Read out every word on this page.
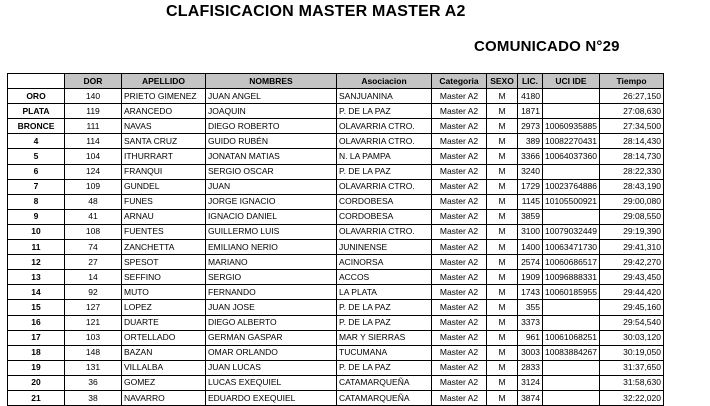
CLAFISICACION MASTER MASTER A2
COMUNICADO N°29
	DOR	APELLIDO	NOMBRES	Asociacion	Categoria	SEXO	LIC.	UCI IDE	Tiempo
ORO	140	PRIETO GIMENEZ	JUAN ANGEL	SANJUANINA	Master A2	M	4180		26:27,150
PLATA	119	ARANCEDO	JOAQUIN	P. DE LA PAZ	Master A2	M	1871		27:08,630
BRONCE	111	NAVAS	DIEGO ROBERTO	OLAVARRIA CTRO.	Master A2	M	2973	10060935885	27:34,500
4	114	SANTA CRUZ	GUIDO RUBÉN	OLAVARRIA CTRO.	Master A2	M	389	10082270431	28:14,430
5	104	ITHURRART	JONATAN MATIAS	N. LA PAMPA	Master A2	M	3366	10064037360	28:14,730
6	124	FRANQUI	SERGIO OSCAR	P. DE LA PAZ	Master A2	M	3240		28:22,330
7	109	GUNDEL	JUAN	OLAVARRIA CTRO.	Master A2	M	1729	10023764886	28:43,190
8	48	FUNES	JORGE IGNACIO	CORDOBESA	Master A2	M	1145	10105500921	29:00,080
9	41	ARNAU	IGNACIO DANIEL	CORDOBESA	Master A2	M	3859		29:08,550
10	108	FUENTES	GUILLERMO LUIS	OLAVARRIA CTRO.	Master A2	M	3100	10079032449	29:19,390
11	74	ZANCHETTA	EMILIANO NERIO	JUNINENSE	Master A2	M	1400	10063471730	29:41,310
12	27	SPESOT	MARIANO	ACINORSA	Master A2	M	2574	10060686517	29:42,270
13	14	SEFFINO	SERGIO	ACCOS	Master A2	M	1909	10096888331	29:43,450
14	92	MUTO	FERNANDO	LA PLATA	Master A2	M	1743	10060185955	29:44,420
15	127	LOPEZ	JUAN JOSE	P. DE LA PAZ	Master A2	M	355		29:45,160
16	121	DUARTE	DIEGO ALBERTO	P. DE LA PAZ	Master A2	M	3373		29:54,540
17	103	ORTELLADO	GERMAN GASPAR	MAR Y SIERRAS	Master A2	M	961	10061068251	30:03,120
18	148	BAZAN	OMAR ORLANDO	TUCUMANA	Master A2	M	3003	10083884267	30:19,050
19	131	VILLALBA	JUAN LUCAS	P. DE LA PAZ	Master A2	M	2833		31:37,650
20	36	GOMEZ	LUCAS EXEQUIEL	CATAMARQUEÑA	Master A2	M	3124		31:58,630
21	38	NAVARRO	EDUARDO EXEQUIEL	CATAMARQUEÑA	Master A2	M	3874		32:22,020
